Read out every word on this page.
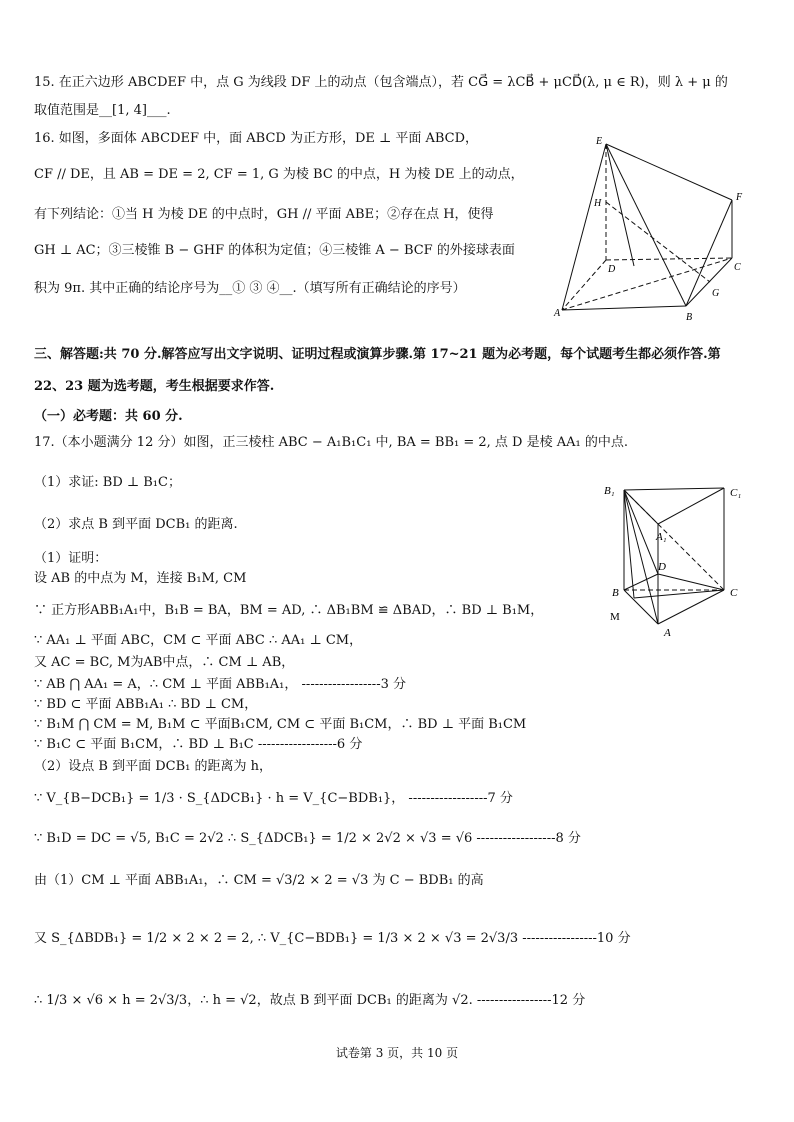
15. 在正六边形 ABCDEF 中，点 G 为线段 DF 上的动点（包含端点），若 CG⃗ = λCB⃗ + μCD⃗(λ, μ ∈ R)，则 λ + μ 的
取值范围是__[1, 4]___.
16. 如图，多面体 ABCDEF 中，面 ABCD 为正方形，DE ⊥ 平面 ABCD，
CF // DE，且 AB = DE = 2, CF = 1, G 为棱 BC 的中点，H 为棱 DE 上的动点，
有下列结论：①当 H 为棱 DE 的中点时，GH // 平面 ABE；②存在点 H，使得
GH ⊥ AC；③三棱锥 B − GHF 的体积为定值；④三棱锥 A − BCF 的外接球表面
积为 9π. 其中正确的结论序号为__① ③ ④__.（填写所有正确结论的序号）
E
F
H
D	C
A	B
G
三、解答题:共 70 分.解答应写出文字说明、证明过程或演算步骤.第 17~21 题为必考题，每个试题考生都必须作答.第
22、23 题为选考题，考生根据要求作答.
（一）必考题：共 60 分.
17.（本小题满分 12 分）如图，正三棱柱 ABC − A₁B₁C₁ 中, BA = BB₁ = 2, 点 D 是棱 AA₁ 的中点.
（1）求证: BD ⊥ B₁C；
（2）求点 B 到平面 DCB₁ 的距离.
B₁	C₁
A₁
D
B	C
M
A
（1）证明：
设 AB 的中点为 M，连接 B₁M, CM
∵ 正方形ABB₁A₁中，B₁B = BA，BM = AD, ∴ ΔB₁BM ≌ ΔBAD，∴ BD ⊥ B₁M，
∵ AA₁ ⊥ 平面 ABC，CM ⊂ 平面 ABC ∴ AA₁ ⊥ CM，
又 AC = BC, M为AB中点，∴ CM ⊥ AB，
∵ AB ⋂ AA₁ = A，∴ CM ⊥ 平面 ABB₁A₁， ------------------3 分
∵ BD ⊂ 平面 ABB₁A₁ ∴ BD ⊥ CM，
∵ B₁M ⋂ CM = M, B₁M ⊂ 平面B₁CM, CM ⊂ 平面 B₁CM，∴ BD ⊥ 平面 B₁CM
∵ B₁C ⊂ 平面 B₁CM，∴ BD ⊥ B₁C ------------------6 分
（2）设点 B 到平面 DCB₁ 的距离为 h，
∵ V_{B−DCB₁} = 1/3 · S_{ΔDCB₁} · h = V_{C−BDB₁}， ------------------7 分
∵ B₁D = DC = √5, B₁C = 2√2 ∴ S_{ΔDCB₁} = 1/2 × 2√2 × √3 = √6 ------------------8 分
由（1）CM ⊥ 平面 ABB₁A₁，∴ CM = √3/2 × 2 = √3 为 C − BDB₁ 的高
又 S_{ΔBDB₁} = 1/2 × 2 × 2 = 2, ∴ V_{C−BDB₁} = 1/3 × 2 × √3 = 2√3/3 -----------------10 分
∴ 1/3 × √6 × h = 2√3/3，∴ h = √2，故点 B 到平面 DCB₁ 的距离为 √2. -----------------12 分
试卷第 3 页，共 10 页
